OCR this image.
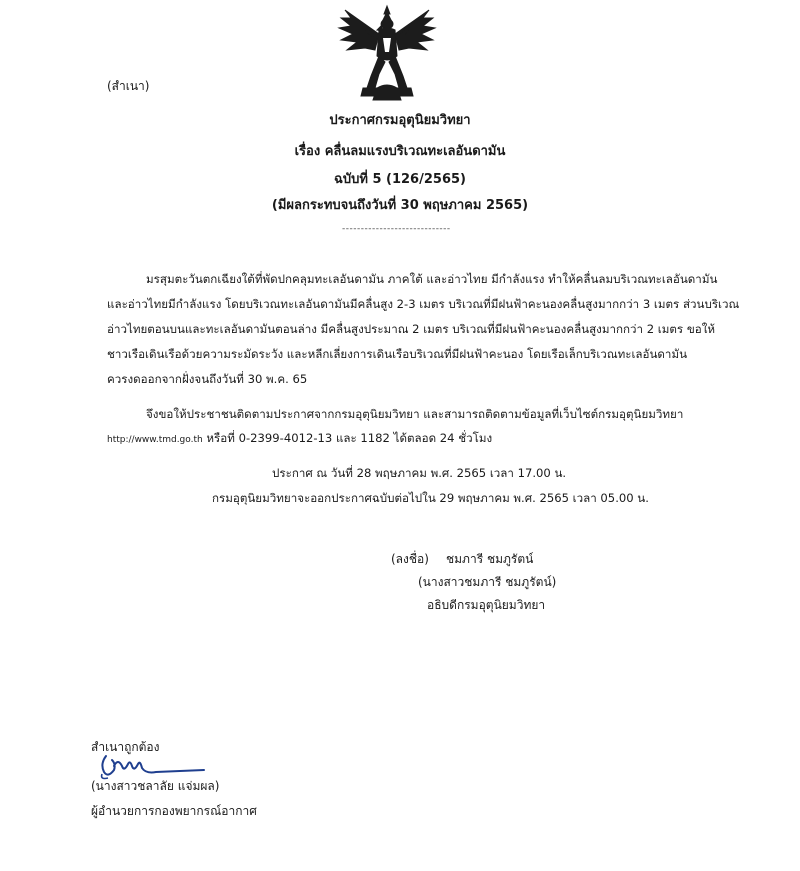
(สำเนา)
ประกาศกรมอุตุนิยมวิทยา
เรื่อง คลื่นลมแรงบริเวณทะเลอันดามัน
ฉบับที่ 5 (126/2565)
(มีผลกระทบจนถึงวันที่ 30 พฤษภาคม 2565)
-----------------------------
มรสุมตะวันตกเฉียงใต้ที่พัดปกคลุมทะเลอันดามัน ภาคใต้ และอ่าวไทย มีกำลังแรง ทำให้คลื่นลมบริเวณทะเลอันดามัน
และอ่าวไทยมีกำลังแรง โดยบริเวณทะเลอันดามันมีคลื่นสูง 2-3 เมตร บริเวณที่มีฝนฟ้าคะนองคลื่นสูงมากกว่า 3 เมตร ส่วนบริเวณ
อ่าวไทยตอนบนและทะเลอันดามันตอนล่าง มีคลื่นสูงประมาณ 2 เมตร บริเวณที่มีฝนฟ้าคะนองคลื่นสูงมากกว่า 2 เมตร ขอให้
ชาวเรือเดินเรือด้วยความระมัดระวัง และหลีกเลี่ยงการเดินเรือบริเวณที่มีฝนฟ้าคะนอง โดยเรือเล็กบริเวณทะเลอันดามัน
ควรงดออกจากฝั่งจนถึงวันที่ 30 พ.ค. 65
จึงขอให้ประชาชนติดตามประกาศจากกรมอุตุนิยมวิทยา และสามารถติดตามข้อมูลที่เว็บไซต์กรมอุตุนิยมวิทยา
http://www.tmd.go.th หรือที่ 0-2399-4012-13 และ 1182 ได้ตลอด 24 ชั่วโมง
ประกาศ ณ วันที่ 28 พฤษภาคม พ.ศ. 2565 เวลา 17.00 น.
กรมอุตุนิยมวิทยาจะออกประกาศฉบับต่อไปใน 29 พฤษภาคม พ.ศ. 2565 เวลา 05.00 น.
(ลงชื่อ) ชมภารี ชมภูรัตน์
(นางสาวชมภารี ชมภูรัตน์)
อธิบดีกรมอุตุนิยมวิทยา
สำเนาถูกต้อง
(นางสาวชลาลัย แจ่มผล)
ผู้อำนวยการกองพยากรณ์อากาศ
